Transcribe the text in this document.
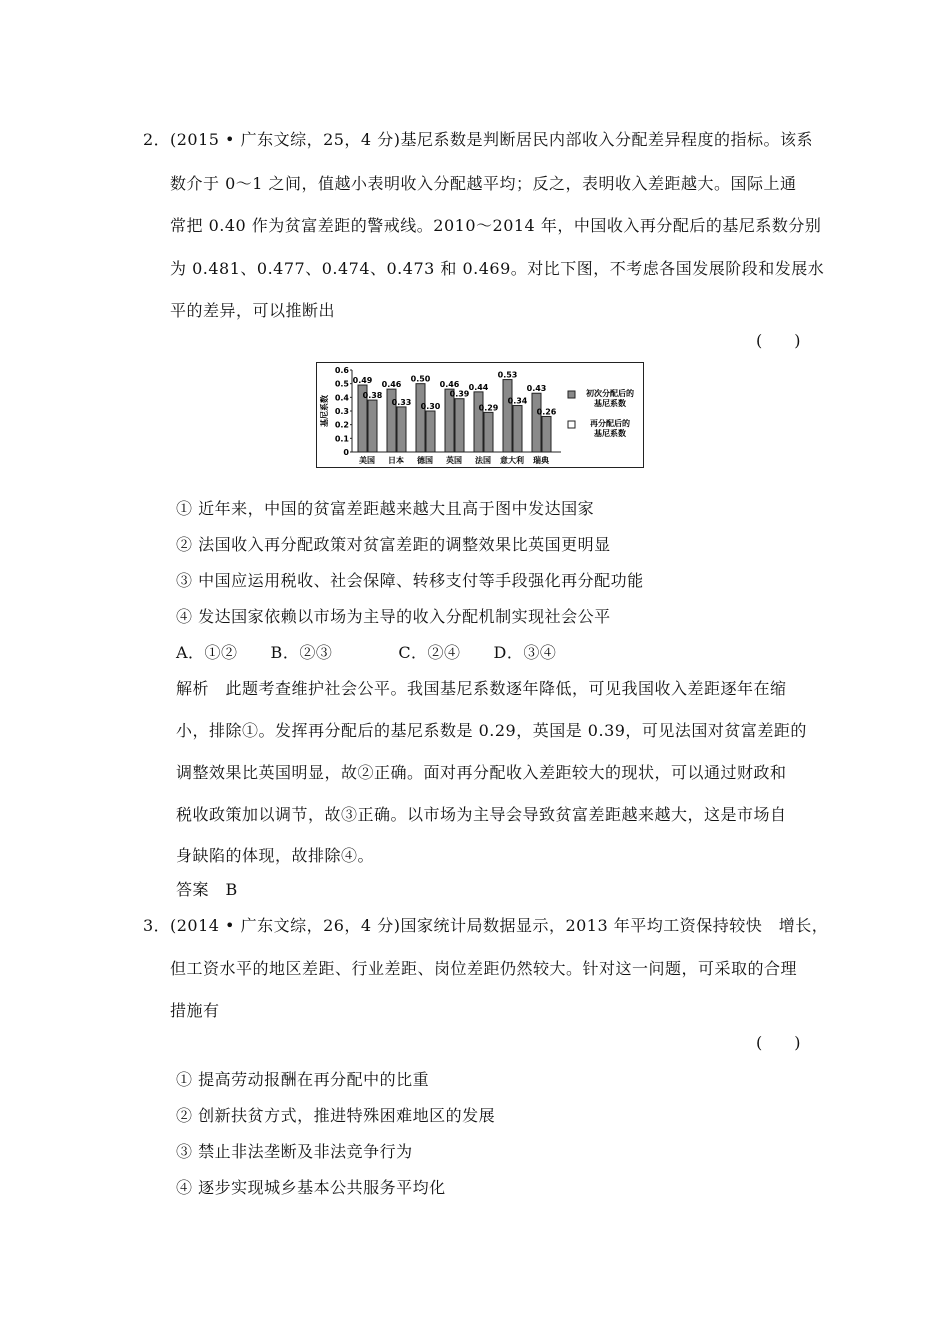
2． (2015 • 广东文综，25，4 分)基尼系数是判断居民内部收入分配差异程度的指标。该系
数介于 0～1 之间，值越小表明收入分配越平均；反之，表明收入差距越大。国际上通
常把 0.40 作为贫富差距的警戒线。2010～2014 年，中国收入再分配后的基尼系数分别
为 0.481、0.477、0.474、0.473 和 0.469。对比下图，不考虑各国发展阶段和发展水
平的差异，可以推断出
(　　)
0
0.1
0.2
0.3
0.4
0.5
0.6
基尼系数
0.49
0.38
美国
0.46
0.33
日本
0.50
0.30
德国
0.46
0.39
英国
0.44
0.29
法国
0.53
0.34
意大利
0.43
0.26
瑞典
初次分配后的
基尼系数
再分配后的
基尼系数
① 近年来，中国的贫富差距越来越大且高于图中发达国家
② 法国收入再分配政策对贫富差距的调整效果比英国更明显
③ 中国应运用税收、社会保障、转移支付等手段强化再分配功能
④ 发达国家依赖以市场为主导的收入分配机制实现社会公平
A．①②　　B．②③　　　　C．②④　　D．③④
解析　此题考查维护社会公平。我国基尼系数逐年降低，可见我国收入差距逐年在缩
小，排除①。发挥再分配后的基尼系数是 0.29，英国是 0.39，可见法国对贫富差距的
调整效果比英国明显，故②正确。面对再分配收入差距较大的现状，可以通过财政和
税收政策加以调节，故③正确。以市场为主导会导致贫富差距越来越大，这是市场自
身缺陷的体现，故排除④。
答案　B
3． (2014 • 广东文综，26，4 分)国家统计局数据显示，2013 年平均工资保持较快　增长，
但工资水平的地区差距、行业差距、岗位差距仍然较大。针对这一问题，可采取的合理
措施有
(　　)
① 提高劳动报酬在再分配中的比重
② 创新扶贫方式，推进特殊困难地区的发展
③ 禁止非法垄断及非法竞争行为
④ 逐步实现城乡基本公共服务平均化
